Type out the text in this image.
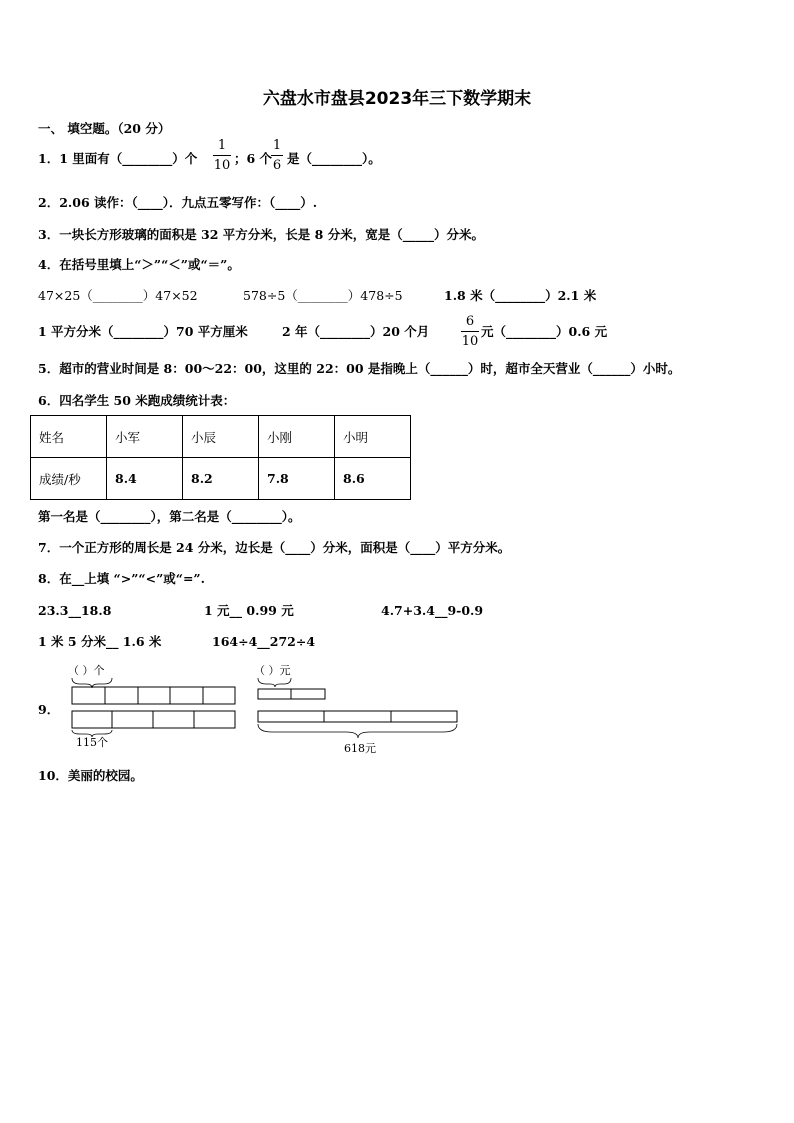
六盘水市盘县2023年三下数学期末
一、 填空题。（20 分）
1．1 里面有（________）个
1
10 ；6 个
1
6 是（________）。
2．2.06 读作：（____）．九点五零写作：（____）.
3．一块长方形玻璃的面积是 32 平方分米，长是 8 分米，宽是（_____）分米。
4．在括号里填上“＞”“＜”或“＝”。
47×25（________）47×52	578÷5（________）478÷5	1.8 米（________）2.1 米
1 平方分米（________）70 平方厘米	2 年（________）20 个月
6
10
元（________）0.6 元
5．超市的营业时间是 8：00～22：00，这里的 22：00 是指晚上（______）时，超市全天营业（______）小时。
6．四名学生 50 米跑成绩统计表：
姓名	小军	小辰	小刚	小明
成绩/秒	8.4	8.2	7.8	8.6
第一名是（________），第二名是（________）。
7．一个正方形的周长是 24 分米，边长是（____）分米，面积是（____）平方分米。
8．在__上填 “>”“<”或“=”.
23.3__18.8	1 元__ 0.99 元	4.7+3.4__9-0.9
1 米 5 分米__ 1.6 米	164÷4__272÷4
9．
（ ）个
115个
（ ）元
618元
10．美丽的校园。
